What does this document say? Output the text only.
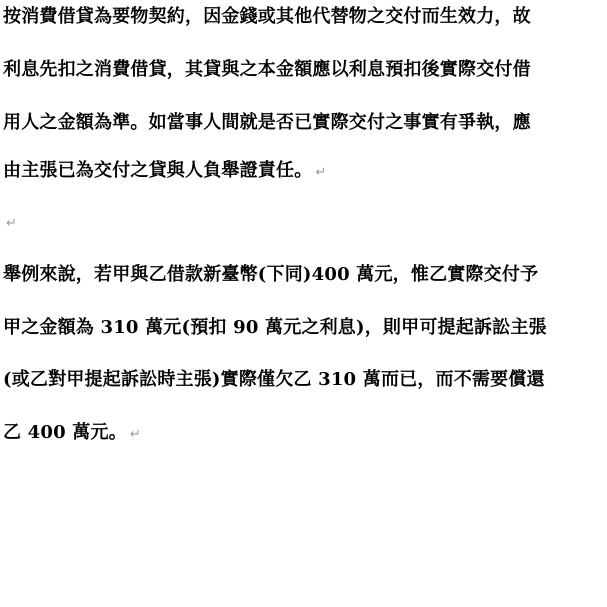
按消費借貸為要物契約，因金錢或其他代替物之交付而生效力，故
利息先扣之消費借貸，其貸與之本金額應以利息預扣後實際交付借
用人之金額為準。如當事人間就是否已實際交付之事實有爭執，應
由主張已為交付之貸與人負舉證責任。 ↵
↵
舉例來說，若甲與乙借款新臺幣(下同)400 萬元，惟乙實際交付予
甲之金額為 310 萬元(預扣 90 萬元之利息)，則甲可提起訴訟主張
(或乙對甲提起訴訟時主張)實際僅欠乙 310 萬而已，而不需要償還
乙 400 萬元。 ↵
